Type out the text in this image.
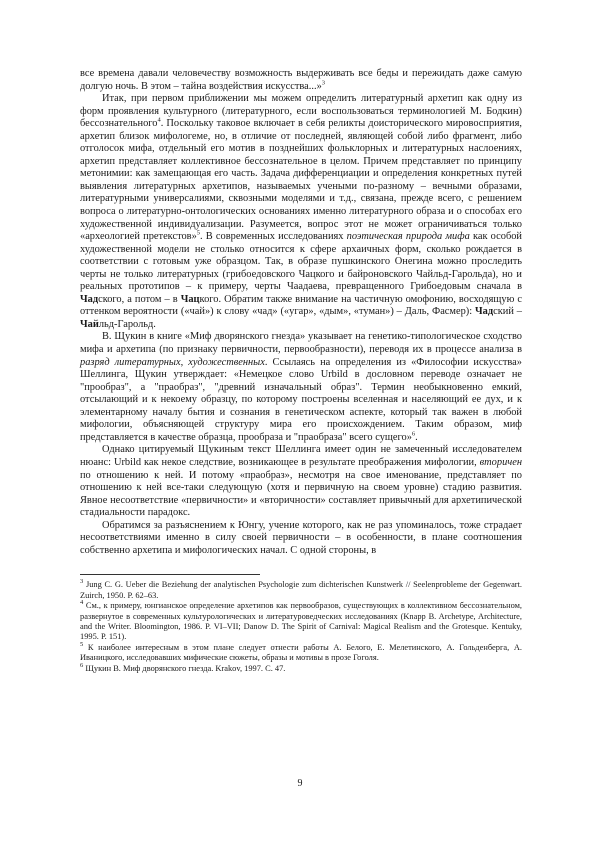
все времена давали человечеству возможность выдерживать все беды и пережидать даже самую долгую ночь. В этом – тайна воздействия искусства...»$^3$

Итак, при первом приближении мы можем определить литературный архетип как одну из форм проявления культурного (литературного, если воспользоваться терминологией М. Бодкин) бессознательного$^4$. Поскольку таковое включает в себя реликты доисторического мировосприятия, архетип близок мифологеме, но, в отличие от последней, являющей собой либо фрагмент, либо отголосок мифа, отдельный его мотив в позднейших фольклорных и литературных наслоениях, архетип представляет коллективное бессознательное в целом. Причем представляет по принципу метонимии: как замещающая его часть. Задача дифференциации и определения конкретных путей выявления литературных архетипов, называемых учеными по-разному – вечными образами, литературными универсалиями, сквозными моделями и т.д., связана, прежде всего, с решением вопроса о литературно-онтологических основаниях именно литературного образа и о способах его художественной индивидуализации. Разумеется, вопрос этот не может ограничиваться только «археологией претекстов»$^5$. В современных исследованиях поэтическая природа мифа как особой художественной модели не столько относится к сфере архаичных форм, сколько рождается в соответствии с готовым уже образцом. Так, в образе пушкинского Онегина можно проследить черты не только литературных (грибоедовского Чацкого и байроновского Чайльд-Гарольда), но и реальных прототипов – к примеру, черты Чаадаева, превращенного Грибоедовым сначала в Чадского, а потом – в Чацкого. Обратим также внимание на частичную омофонию, восходящую с оттенком вероятности («чай») к слову «чад» («угар», «дым», «туман») – Даль, Фасмер): Чадский – Чайльд-Гарольд.

В. Щукин в книге «Миф дворянского гнезда» указывает на генетико-типологическое сходство мифа и архетипа (по признаку первичности, первообразности), переводя их в процессе анализа в разряд литературных, художественных. Ссылаясь на определения из «Философии искусства» Шеллинга, Щукин утверждает: «Немецкое слово Urbild в дословном переводе означает не "прообраз", а "праобраз", "древний изначальный образ". Термин необыкновенно емкий, отсылающий и к некоему образцу, по которому построены вселенная и населяющий ее дух, и к элементарному началу бытия и сознания в генетическом аспекте, который так важен в любой мифологии, объясняющей структуру мира его происхождением. Таким образом, миф представляется в качестве образца, прообраза и "праобраза" всего сущего»$^6$.

Однако цитируемый Щукиным текст Шеллинга имеет один не замеченный исследователем нюанс: Urbild как некое следствие, возникающее в результате преображения мифологии, вторичен по отношению к ней. И потому «праобраз», несмотря на свое именование, представляет по отношению к ней все-таки следующую (хотя и первичную на своем уровне) стадию развития. Явное несоответствие «первичности» и «вторичности» составляет привычный для архетипической стадиальности парадокс.

Обратимся за разъяснением к Юнгу, учение которого, как не раз упоминалось, тоже страдает несоответствиями именно в силу своей первичности – в особенности, в плане соотношения собственно архетипа и мифологических начал. С одной стороны, в

$^3$ Jung C. G. Ueber die Beziehung der analytischen Psychologie zum dichterischen Kunstwerk // Seelenprobleme der Gegenwart. Zuirch, 1950. P. 62–63.

$^4$ См., к примеру, юнгианское определение архетипов как первообразов, существующих в коллективном бессознательном, развернутое в современных культурологических и литературоведческих исследованиях (Knapp B. Archetype, Architecture, and the Writer. Bloomington, 1986. P. VI–VII; Danow D. The Spirit of Carnival: Magical Realism and the Grotesque. Kentuky, 1995. P. 151).

$^5$ К наиболее интересным в этом плане следует отнести работы А. Белого, Е. Мелетинского, А. Гольденберга, А. Иваницкого, исследовавших мифические сюжеты, образы и мотивы в прозе Гоголя.

$^6$ Щукин В. Миф дворянского гнезда. Krakov, 1997. С. 47.

9
